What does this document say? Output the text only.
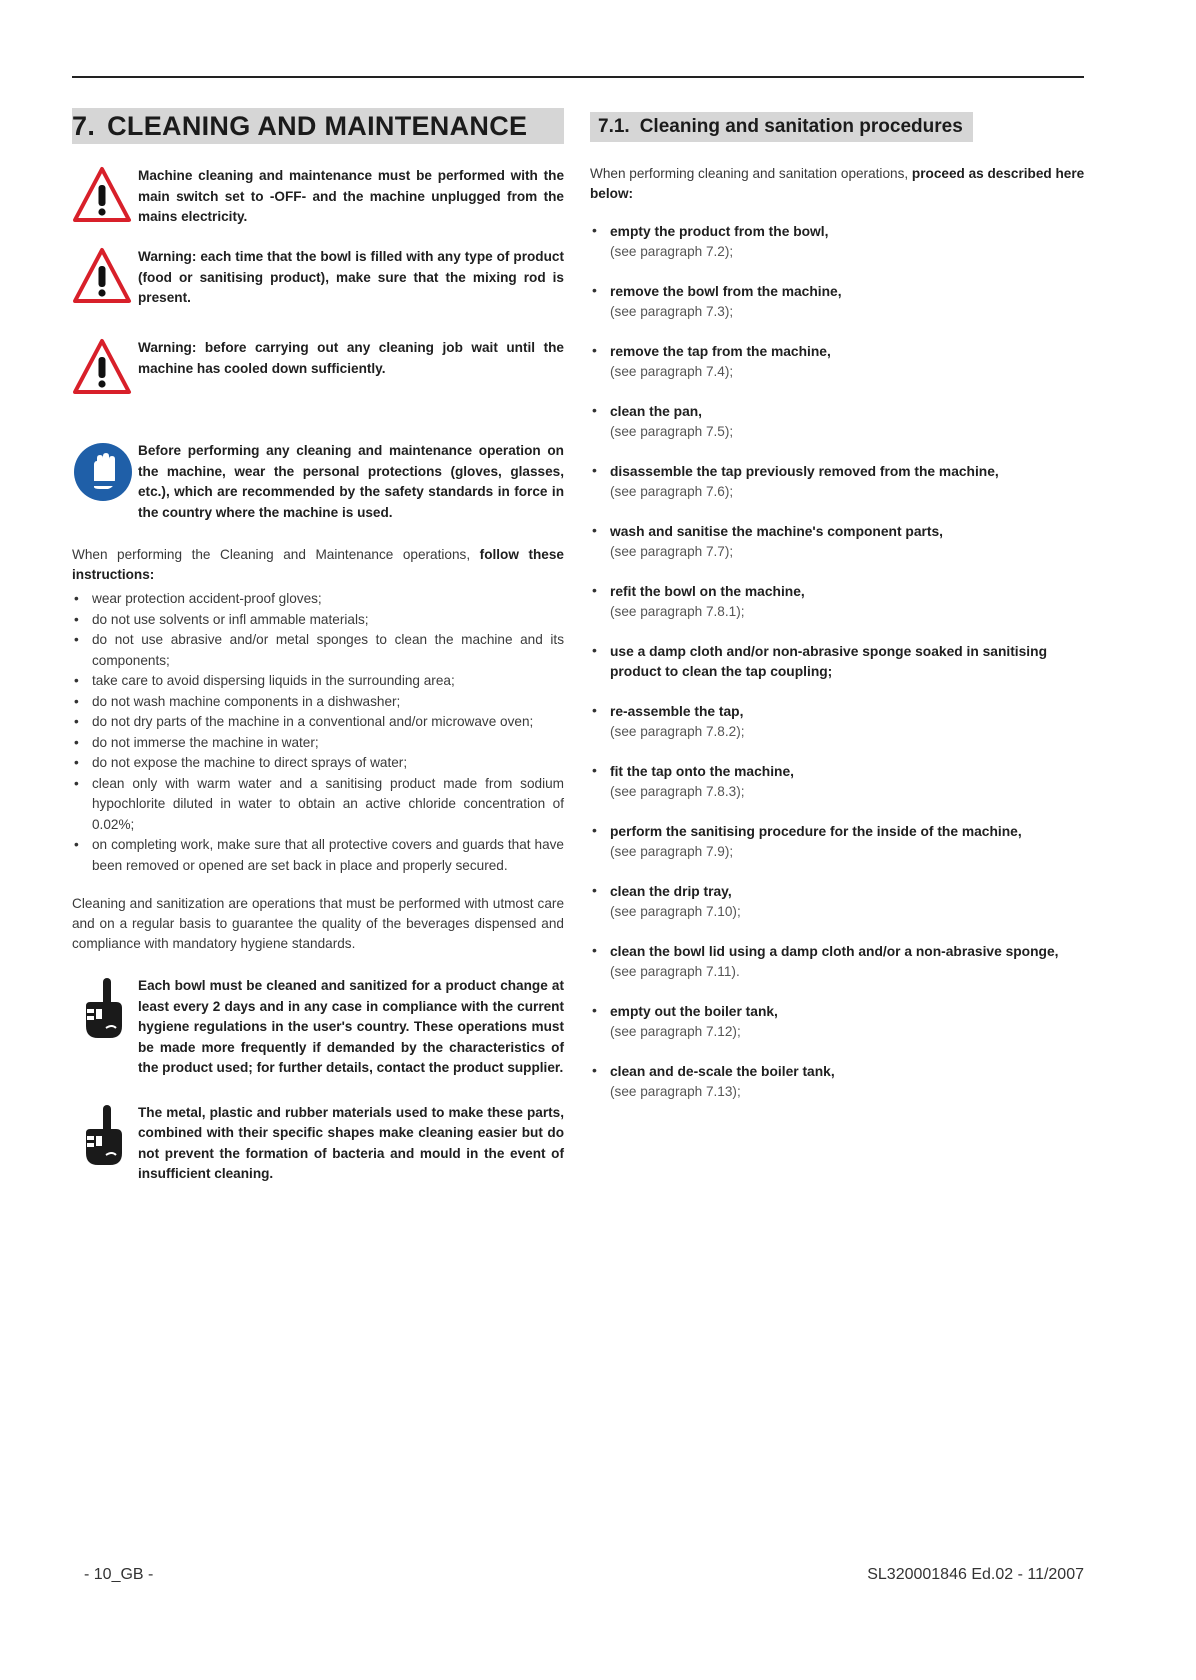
7. CLEANING AND MAINTENANCE
Machine cleaning and maintenance must be performed with the main switch set to -OFF- and the machine unplugged from the mains electricity.
Warning: each time that the bowl is filled with any type of product (food or sanitising product), make sure that the mixing rod is present.
Warning: before carrying out any cleaning job wait until the machine has cooled down sufficiently.
Before performing any cleaning and maintenance operation on the machine, wear the personal protections (gloves, glasses, etc.), which are recommended by the safety standards in force in the country where the machine is used.
When performing the Cleaning and Maintenance operations, follow these instructions:
• wear protection accident-proof gloves;
• do not use solvents or infl ammable materials;
• do not use abrasive and/or metal sponges to clean the machine and its components;
• take care to avoid dispersing liquids in the surrounding area;
• do not wash machine components in a dishwasher;
• do not dry parts of the machine in a conventional and/or microwave oven;
• do not immerse the machine in water;
• do not expose the machine to direct sprays of water;
• clean only with warm water and a sanitising product made from sodium hypochlorite diluted in water to obtain an active chloride concentration of 0.02%;
• on completing work, make sure that all protective covers and guards that have been removed or opened are set back in place and properly secured.
Cleaning and sanitization are operations that must be performed with utmost care and on a regular basis to guarantee the quality of the beverages dispensed and compliance with mandatory hygiene standards.
Each bowl must be cleaned and sanitized for a product change at least every 2 days and in any case in compliance with the current hygiene regulations in the user's country. These operations must be made more frequently if demanded by the characteristics of the product used; for further details, contact the product supplier.
The metal, plastic and rubber materials used to make these parts, combined with their specific shapes make cleaning easier but do not prevent the formation of bacteria and mould in the event of insufficient cleaning.
7.1. Cleaning and sanitation procedures
When performing cleaning and sanitation operations, proceed as described here below:
• empty the product from the bowl,
(see paragraph 7.2);
• remove the bowl from the machine,
(see paragraph 7.3);
• remove the tap from the machine,
(see paragraph 7.4);
• clean the pan,
(see paragraph 7.5);
• disassemble the tap previously removed from the machine,
(see paragraph 7.6);
• wash and sanitise the machine's component parts,
(see paragraph 7.7);
• refit the bowl on the machine,
(see paragraph 7.8.1);
• use a damp cloth and/or non-abrasive sponge soaked in sanitising product to clean the tap coupling;
• re-assemble the tap,
(see paragraph 7.8.2);
• fit the tap onto the machine,
(see paragraph 7.8.3);
• perform the sanitising procedure for the inside of the machine,
(see paragraph 7.9);
• clean the drip tray,
(see paragraph 7.10);
• clean the bowl lid using a damp cloth and/or a non-abrasive sponge,
(see paragraph 7.11).
• empty out the boiler tank,
(see paragraph 7.12);
• clean and de-scale the boiler tank,
(see paragraph 7.13);
- 10_GB -	SL320001846 Ed.02 - 11/2007
